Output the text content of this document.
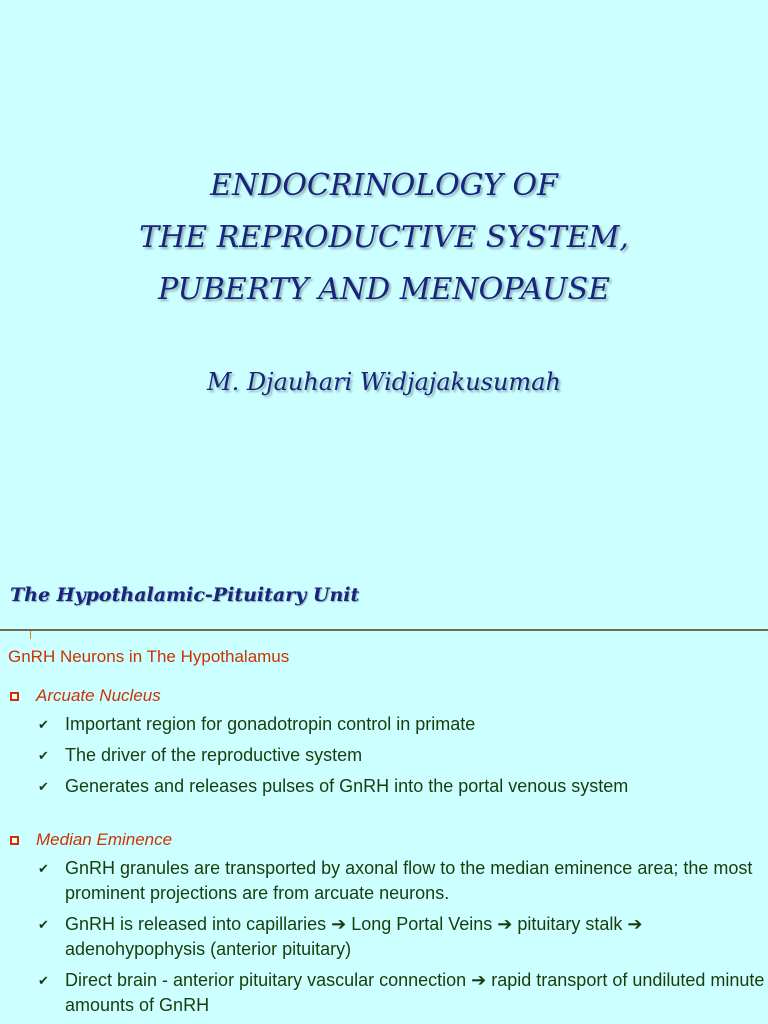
ENDOCRINOLOGY OF
THE REPRODUCTIVE SYSTEM,
PUBERTY AND MENOPAUSE
M. Djauhari Widjajakusumah
The Hypothalamic-Pituitary Unit
GnRH Neurons in The Hypothalamus
Arcuate Nucleus
✔ Important region for gonadotropin control in primate
✔ The driver of the reproductive system
✔ Generates and releases pulses of GnRH into the portal venous system
Median Eminence
✔ GnRH granules are transported by axonal flow to the median eminence area; the most prominent projections are from arcuate neurons.
✔ GnRH is released into capillaries ➔ Long Portal Veins ➔ pituitary stalk ➔ adenohypophysis (anterior pituitary)
✔ Direct brain - anterior pituitary vascular connection ➔ rapid transport of undiluted minute amounts of GnRH
